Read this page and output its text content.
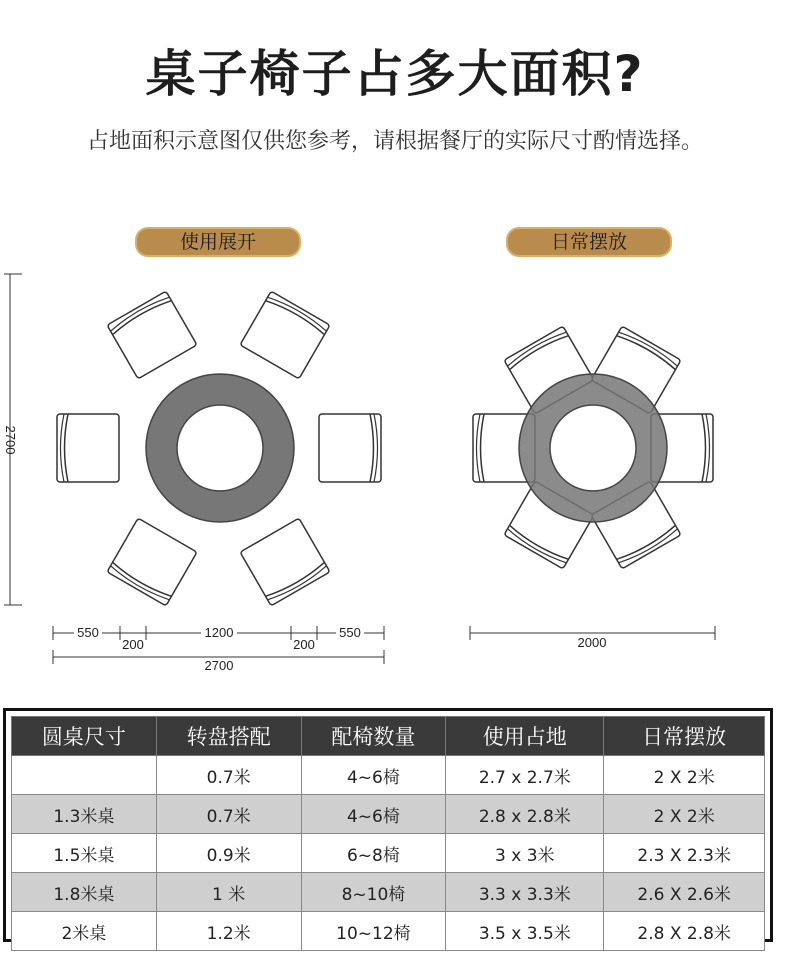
桌子椅子占多大面积?
占地面积示意图仅供您参考，请根据餐厅的实际尺寸酌情选择。
使用展开	日常摆放
2700
550
200
1200
200
550
2700
2000
圆桌尺寸	转盘搭配	配椅数量	使用占地	日常摆放
	0.7米	4~6椅	2.7 x 2.7米	2 X 2米
1.3米桌	0.7米	4~6椅	2.8 x 2.8米	2 X 2米
1.5米桌	0.9米	6~8椅	3 x 3米	2.3 X 2.3米
1.8米桌	1 米	8~10椅	3.3 x 3.3米	2.6 X 2.6米
2米桌	1.2米	10~12椅	3.5 x 3.5米	2.8 X 2.8米
